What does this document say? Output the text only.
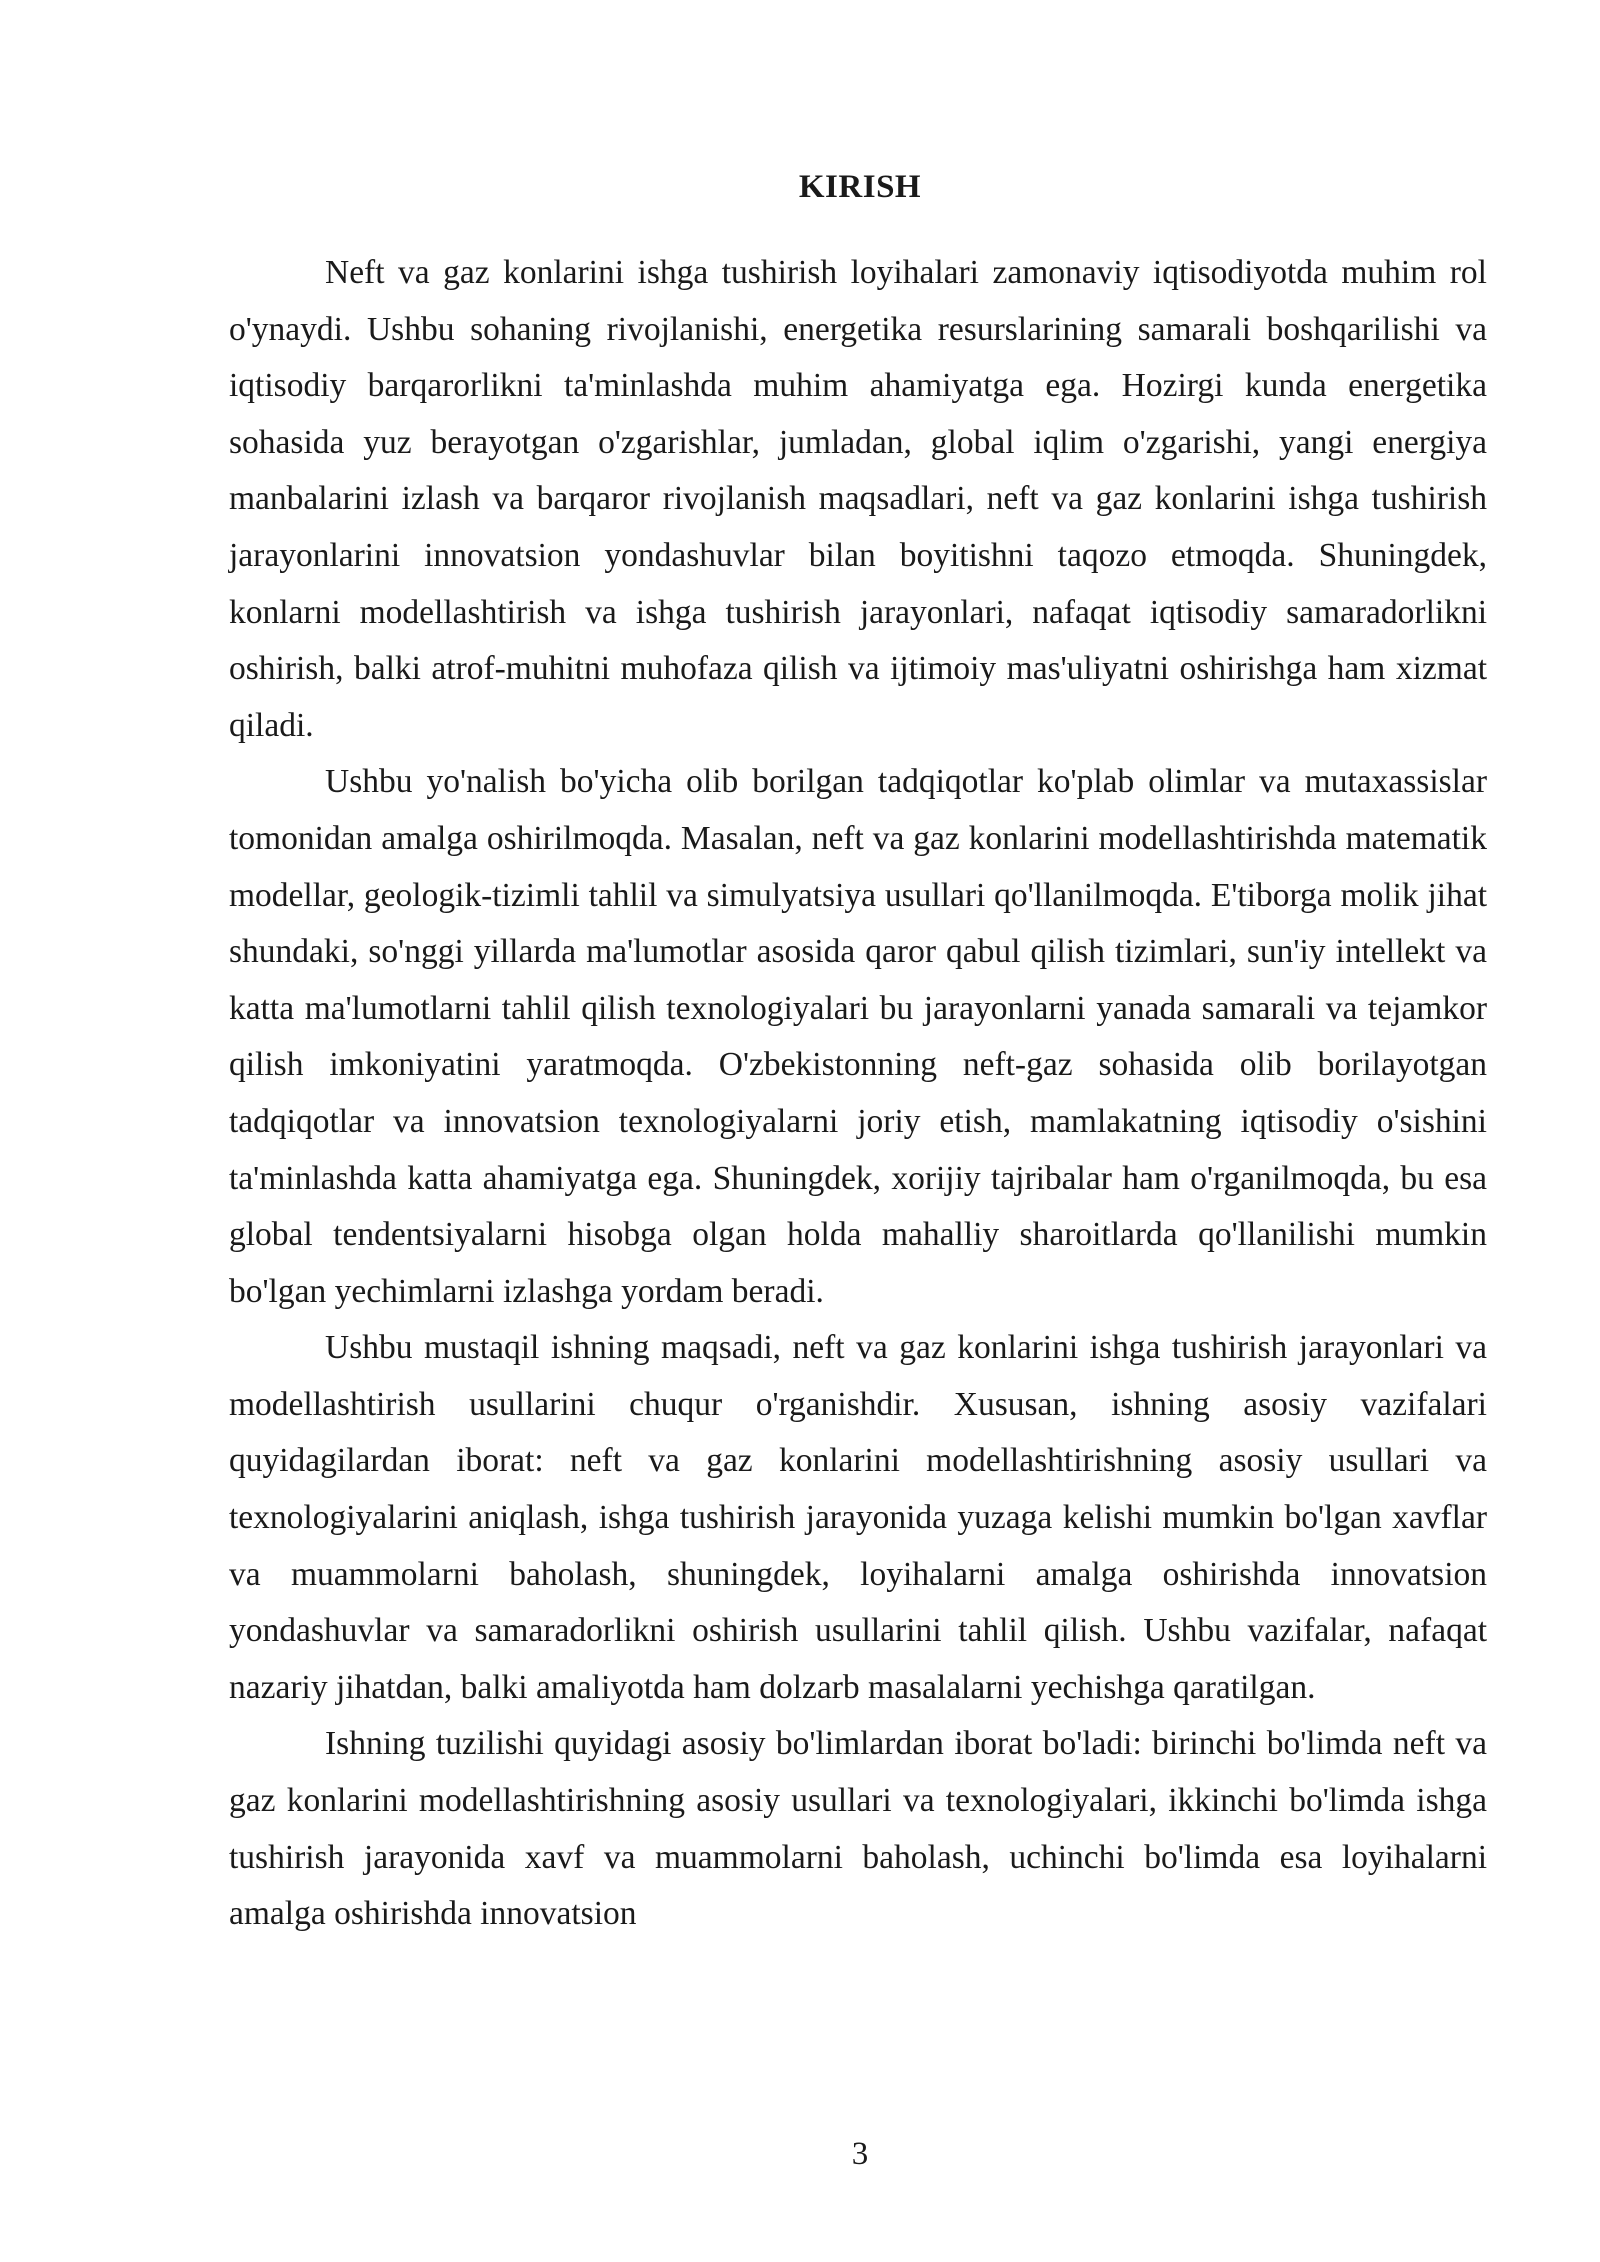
KIRISH

Neft va gaz konlarini ishga tushirish loyihalari zamonaviy iqtisodiyotda muhim rol o'ynaydi. Ushbu sohaning rivojlanishi, energetika resurslarining samarali boshqarilishi va iqtisodiy barqarorlikni ta'minlashda muhim ahamiyatga ega. Hozirgi kunda energetika sohasida yuz berayotgan o'zgarishlar, jumladan, global iqlim o'zgarishi, yangi energiya manbalarini izlash va barqaror rivojlanish maqsadlari, neft va gaz konlarini ishga tushirish jarayonlarini innovatsion yondashuvlar bilan boyitishni taqozo etmoqda. Shuningdek, konlarni modellashtirish va ishga tushirish jarayonlari, nafaqat iqtisodiy samaradorlikni oshirish, balki atrof-muhitni muhofaza qilish va ijtimoiy mas'uliyatni oshirishga ham xizmat qiladi.

Ushbu yo'nalish bo'yicha olib borilgan tadqiqotlar ko'plab olimlar va mutaxassislar tomonidan amalga oshirilmoqda. Masalan, neft va gaz konlarini modellashtirishda matematik modellar, geologik-tizimli tahlil va simulyatsiya usullari qo'llanilmoqda. E'tiborga molik jihat shundaki, so'nggi yillarda ma'lumotlar asosida qaror qabul qilish tizimlari, sun'iy intellekt va katta ma'lumotlarni tahlil qilish texnologiyalari bu jarayonlarni yanada samarali va tejamkor qilish imkoniyatini yaratmoqda. O'zbekistonning neft-gaz sohasida olib borilayotgan tadqiqotlar va innovatsion texnologiyalarni joriy etish, mamlakatning iqtisodiy o'sishini ta'minlashda katta ahamiyatga ega. Shuningdek, xorijiy tajribalar ham o'rganilmoqda, bu esa global tendentsiyalarni hisobga olgan holda mahalliy sharoitlarda qo'llanilishi mumkin bo'lgan yechimlarni izlashga yordam beradi.

Ushbu mustaqil ishning maqsadi, neft va gaz konlarini ishga tushirish jarayonlari va modellashtirish usullarini chuqur o'rganishdir. Xususan, ishning asosiy vazifalari quyidagilardan iborat: neft va gaz konlarini modellashtirishning asosiy usullari va texnologiyalarini aniqlash, ishga tushirish jarayonida yuzaga kelishi mumkin bo'lgan xavflar va muammolarni baholash, shuningdek, loyihalarni amalga oshirishda innovatsion yondashuvlar va samaradorlikni oshirish usullarini tahlil qilish. Ushbu vazifalar, nafaqat nazariy jihatdan, balki amaliyotda ham dolzarb masalalarni yechishga qaratilgan.

Ishning tuzilishi quyidagi asosiy bo'limlardan iborat bo'ladi: birinchi bo'limda neft va gaz konlarini modellashtirishning asosiy usullari va texnologiyalari, ikkinchi bo'limda ishga tushirish jarayonida xavf va muammolarni baholash, uchinchi bo'limda esa loyihalarni amalga oshirishda innovatsion

3
